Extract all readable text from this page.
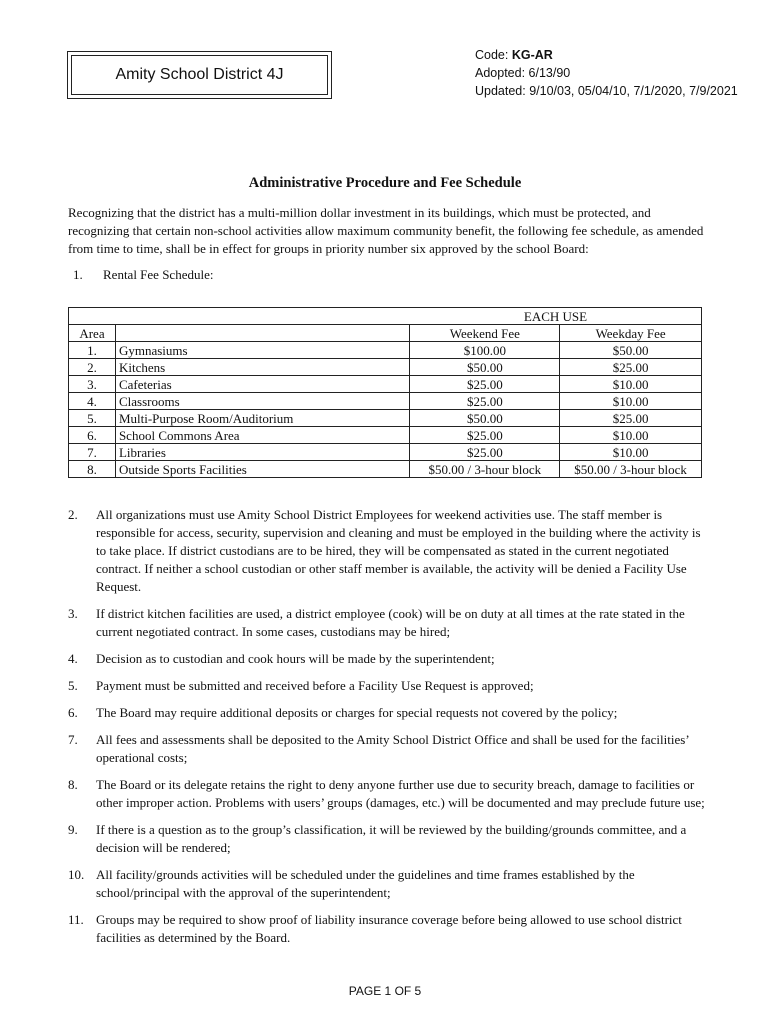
Amity School District 4J
Code: KG-AR
Adopted: 6/13/90
Updated: 9/10/03, 05/04/10, 7/1/2020, 7/9/2021
Administrative Procedure and Fee Schedule

Recognizing that the district has a multi-million dollar investment in its buildings, which must be protected, and recognizing that certain non-school activities allow maximum community benefit, the following fee schedule, as amended from time to time, shall be in effect for groups in priority number six approved by the school Board:

1. Rental Fee Schedule:
		EACH USE	
Area		Weekend Fee	Weekday Fee
1.	Gymnasiums	$100.00	$50.00
2.	Kitchens	$50.00	$25.00
3.	Cafeterias	$25.00	$10.00
4.	Classrooms	$25.00	$10.00
5.	Multi-Purpose Room/Auditorium	$50.00	$25.00
6.	School Commons Area	$25.00	$10.00
7.	Libraries	$25.00	$10.00
8.	Outside Sports Facilities	$50.00 / 3-hour block	$50.00 / 3-hour block
2.	All organizations must use Amity School District Employees for weekend activities use. The staff member is responsible for access, security, supervision and cleaning and must be employed in the building where the activity is to take place. If district custodians are to be hired, they will be compensated as stated in the current negotiated contract. If neither a school custodian or other staff member is available, the activity will be denied a Facility Use Request.
3.	If district kitchen facilities are used, a district employee (cook) will be on duty at all times at the rate stated in the current negotiated contract. In some cases, custodians may be hired;
4.	Decision as to custodian and cook hours will be made by the superintendent;
5.	Payment must be submitted and received before a Facility Use Request is approved;
6.	The Board may require additional deposits or charges for special requests not covered by the policy;
7.	All fees and assessments shall be deposited to the Amity School District Office and shall be used for the facilities’ operational costs;
8.	The Board or its delegate retains the right to deny anyone further use due to security breach, damage to facilities or other improper action. Problems with users’ groups (damages, etc.) will be documented and may preclude future use;
9.	If there is a question as to the group’s classification, it will be reviewed by the building/grounds committee, and a decision will be rendered;
10. All facility/grounds activities will be scheduled under the guidelines and time frames established by the school/principal with the approval of the superintendent;
11. Groups may be required to show proof of liability insurance coverage before being allowed to use school district facilities as determined by the Board.
PAGE 1 OF 5
